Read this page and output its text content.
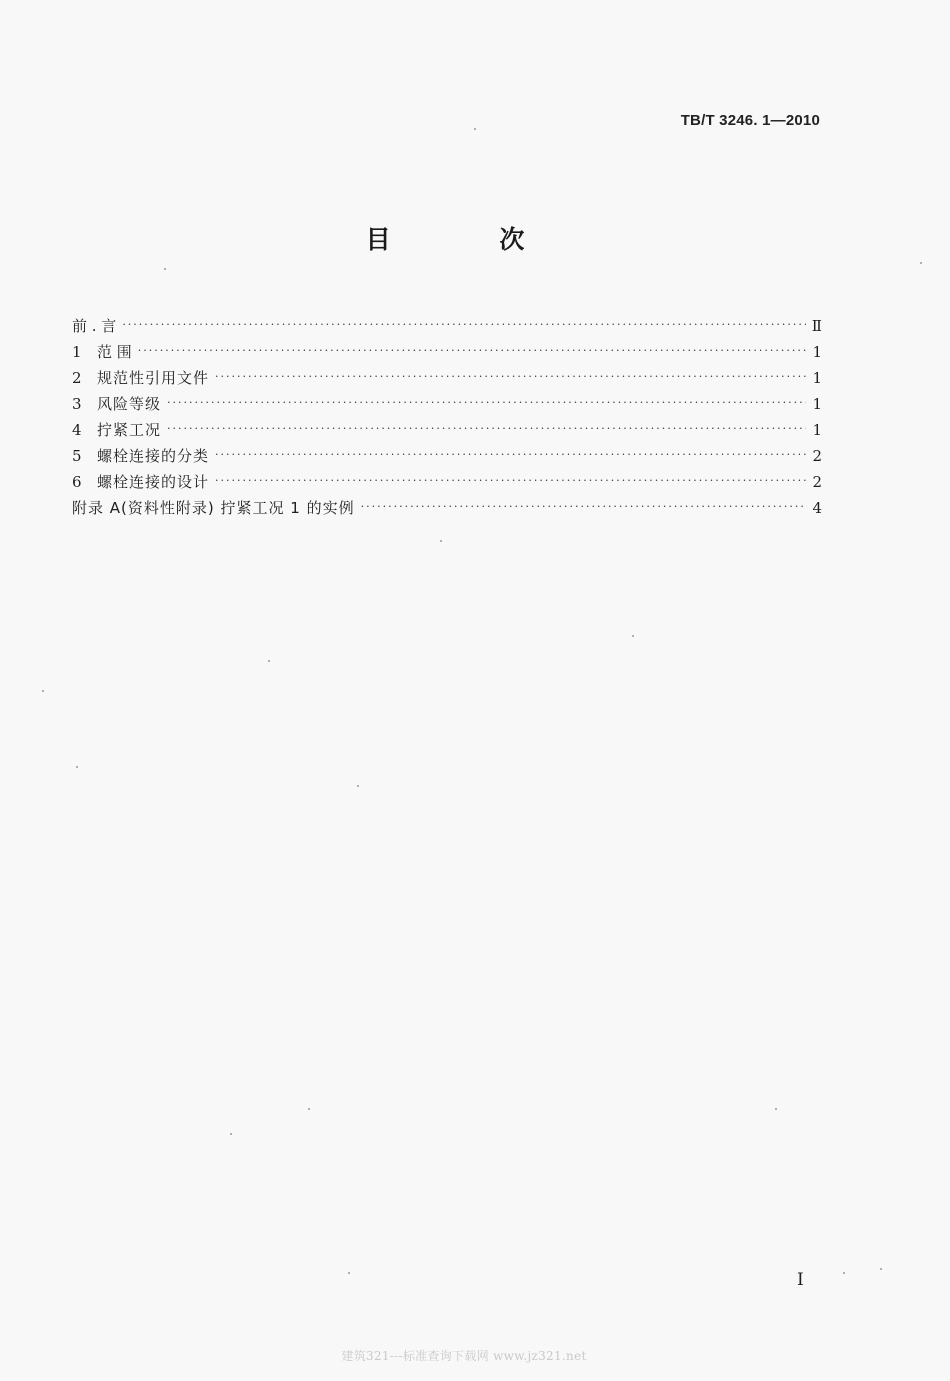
TB/T 3246. 1—2010
目 次
前 . 言 ·····	Ⅱ
1	范 围 ·····	1
2	规范性引用文件 ·····	1
3	风险等级 ·····	1
4	拧紧工况 ·····	1
5	螺栓连接的分类 ·····	2
6	螺栓连接的设计 ·····	2
附录 A(资料性附录) 拧紧工况 1 的实例 ·····	4
I
建筑321---标准查询下载网 www.jz321.net
